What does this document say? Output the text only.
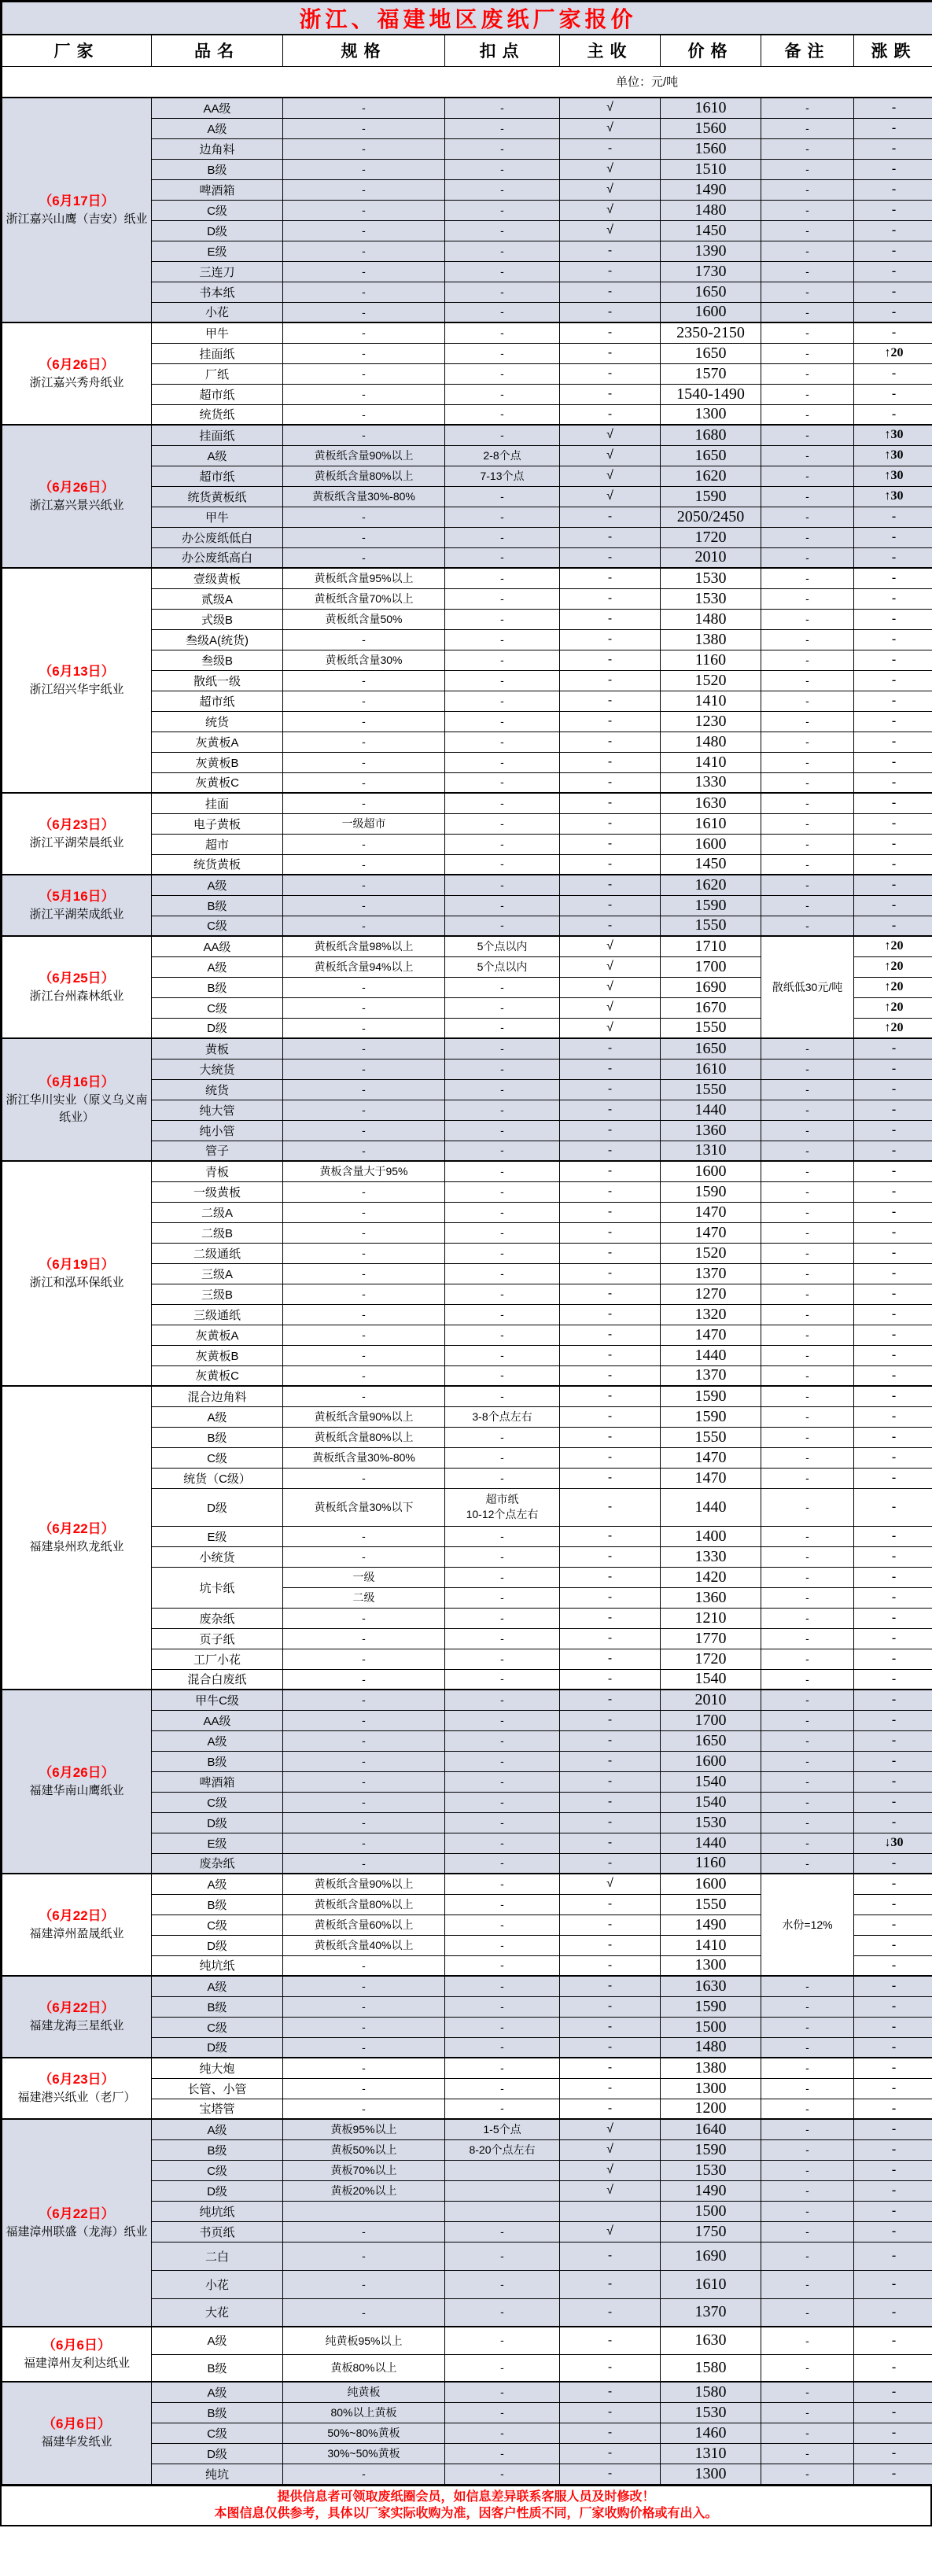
浙江、福建地区废纸厂家报价							
厂家	品名	规格	扣点	主收	价格	备注	涨跌
单位：元/吨							

（6月17日）
浙江嘉兴山鹰（吉安）纸业	AA级	-	-	√	1610	-	-
	A级	-	-	√	1560	-	-
	边角料	-	-	-	1560	-	-
	B级	-	-	√	1510	-	-
	啤酒箱	-	-	√	1490	-	-
	C级	-	-	√	1480	-	-
	D级	-	-	√	1450	-	-
	E级	-	-	-	1390	-	-
	三连刀	-	-	-	1730	-	-
	书本纸	-	-	-	1650	-	-
	小花	-	-	-	1600	-	-

（6月26日）
浙江嘉兴秀舟纸业	甲牛	-	-	-	2350-2150	-	-
	挂面纸	-	-	-	1650	-	↑20
	厂纸	-	-	-	1570	-	-
	超市纸	-	-	-	1540-1490	-	-
	统货纸	-	-	-	1300	-	-

（6月26日）
浙江嘉兴景兴纸业	挂面纸	-	-	√	1680	-	↑30
	A级	黄板纸含量90%以上	2-8个点	√	1650	-	↑30
	超市纸	黄板纸含量80%以上	7-13个点	√	1620	-	↑30
	统货黄板纸	黄板纸含量30%-80%	-	√	1590	-	↑30
	甲牛	-	-	-	2050/2450	-	-
	办公废纸低白	-	-	-	1720	-	-
	办公废纸高白	-	-	-	2010	-	-

（6月13日）
浙江绍兴华宇纸业	壹级黄板	黄板纸含量95%以上	-	-	1530	-	-
	贰级A	黄板纸含量70%以上	-	-	1530	-	-
	式级B	黄板纸含量50%	-	-	1480	-	-
	叁级A(统货)	-	-	-	1380	-	-
	叁级B	黄板纸含量30%	-	-	1160	-	-
	散纸一级	-	-	-	1520	-	-
	超市纸	-	-	-	1410	-	-
	统货	-	-	-	1230	-	-
	灰黄板A	-	-	-	1480	-	-
	灰黄板B	-	-	-	1410	-	-
	灰黄板C	-	-	-	1330	-	-

（6月23日）
浙江平湖荣晨纸业	挂面	-	-	-	1630	-	-
	电子黄板	一级超市	-	-	1610	-	-
	超市	-	-	-	1600	-	-
	统货黄板	-	-	-	1450	-	-

（5月16日）
浙江平湖荣成纸业	A级	-	-	-	1620	-	-
	B级	-	-	-	1590	-	-
	C级	-	-	-	1550	-	-

（6月25日）
浙江台州森林纸业	AA级	黄板纸含量98%以上	5个点以内	√	1710	散纸低30元/吨	↑20
	A级	黄板纸含量94%以上	5个点以内	√	1700		↑20
	B级	-	-	√	1690		↑20
	C级	-	-	√	1670		↑20
	D级	-	-	√	1550		↑20

（6月16日）
浙江华川实业（原义乌义南纸业）	黄板	-	-	-	1650	-	-
	大统货	-	-	-	1610	-	-
	统货	-	-	-	1550	-	-
	纯大管	-	-	-	1440	-	-
	纯小管	-	-	-	1360	-	-
	管子	-	-	-	1310	-	-

（6月19日）
浙江和泓环保纸业	青板	黄板含量大于95%	-	-	1600	-	-
	一级黄板	-	-	-	1590	-	-
	二级A	-	-	-	1470	-	-
	二级B	-	-	-	1470	-	-
	二级通纸	-	-	-	1520	-	-
	三级A	-	-	-	1370	-	-
	三级B	-	-	-	1270	-	-
	三级通纸	-	-	-	1320	-	-
	灰黄板A	-	-	-	1470	-	-
	灰黄板B	-	-	-	1440	-	-
	灰黄板C	-	-	-	1370	-	-

（6月22日）
福建泉州玖龙纸业	混合边角料	-	-	-	1590	-	-
	A级	黄板纸含量90%以上	3-8个点左右	-	1590	-	-
	B级	黄板纸含量80%以上	-	-	1550	-	-
	C级	黄板纸含量30%-80%	-	-	1470	-	-
	统货（C级）	-	-	-	1470	-	-
	D级	黄板纸含量30%以下	超市纸
10-12个点左右	-	1440	-	-
	E级	-	-	-	1400	-	-
	小统货	-	-	-	1330	-	-
	坑卡纸	一级	-	-	1420	-	-
		二级	-	-	1360	-	-
	废杂纸	-	-	-	1210	-	-
	页子纸	-	-	-	1770	-	-
	工厂小花	-	-	-	1720	-	-
	混合白废纸	-	-	-	1540	-	-

（6月26日）
福建华南山鹰纸业	甲牛C级	-	-	-	2010	-	-
	AA级	-	-	-	1700	-	-
	A级	-	-	-	1650	-	-
	B级	-	-	-	1600	-	-
	啤酒箱	-	-	-	1540	-	-
	C级	-	-	-	1540	-	-
	D级	-	-	-	1530	-	-
	E级	-	-	-	1440	-	↓30
	废杂纸	-	-	-	1160	-	-

（6月22日）
福建漳州盈晟纸业	A级	黄板纸含量90%以上	-	√	1600	水份=12%	-
	B级	黄板纸含量80%以上	-	-	1550		-
	C级	黄板纸含量60%以上	-	-	1490		-
	D级	黄板纸含量40%以上	-	-	1410		-
	纯坑纸	-	-	-	1300		-

（6月22日）
福建龙海三星纸业	A级	-	-	-	1630	-	-
	B级	-	-	-	1590	-	-
	C级	-	-	-	1500	-	-
	D级	-	-	-	1480	-	-

（6月23日）
福建港兴纸业（老厂）	纯大炮	-	-	-	1380	-	-
	长管、小管	-	-	-	1300	-	-
	宝塔管	-	-	-	1200	-	-

（6月22日）
福建漳州联盛（龙海）纸业	A级	黄板95%以上	1-5个点	√	1640	-	-
	B级	黄板50%以上	8-20个点左右	√	1590	-	-
	C级	黄板70%以上		√	1530	-	-
	D级	黄板20%以上		√	1490	-	-
	纯坑纸				1500	-	-
	书页纸	-	-	√	1750	-	-
	二白	-	-	-	1690	-	-
	小花	-	-	-	1610	-	-
	大花	-	-	-	1370	-	-

（6月6日）
福建漳州友利达纸业	A级	纯黄板95%以上	-	-	1630	-	-
	B级	黄板80%以上	-	-	1580	-	-

（6月6日）
福建华发纸业	A级	纯黄板	-	-	1580	-	-
	B级	80%以上黄板	-	-	1530	-	-
	C级	50%~80%黄板	-	-	1460	-	-
	D级	30%~50%黄板	-	-	1310	-	-
	纯坑	-	-	-	1300	-	-
提供信息者可领取废纸圈会员，如信息差异联系客服人员及时修改！
本图信息仅供参考，具体以厂家实际收购为准，因客户性质不同，厂家收购价格或有出入。
